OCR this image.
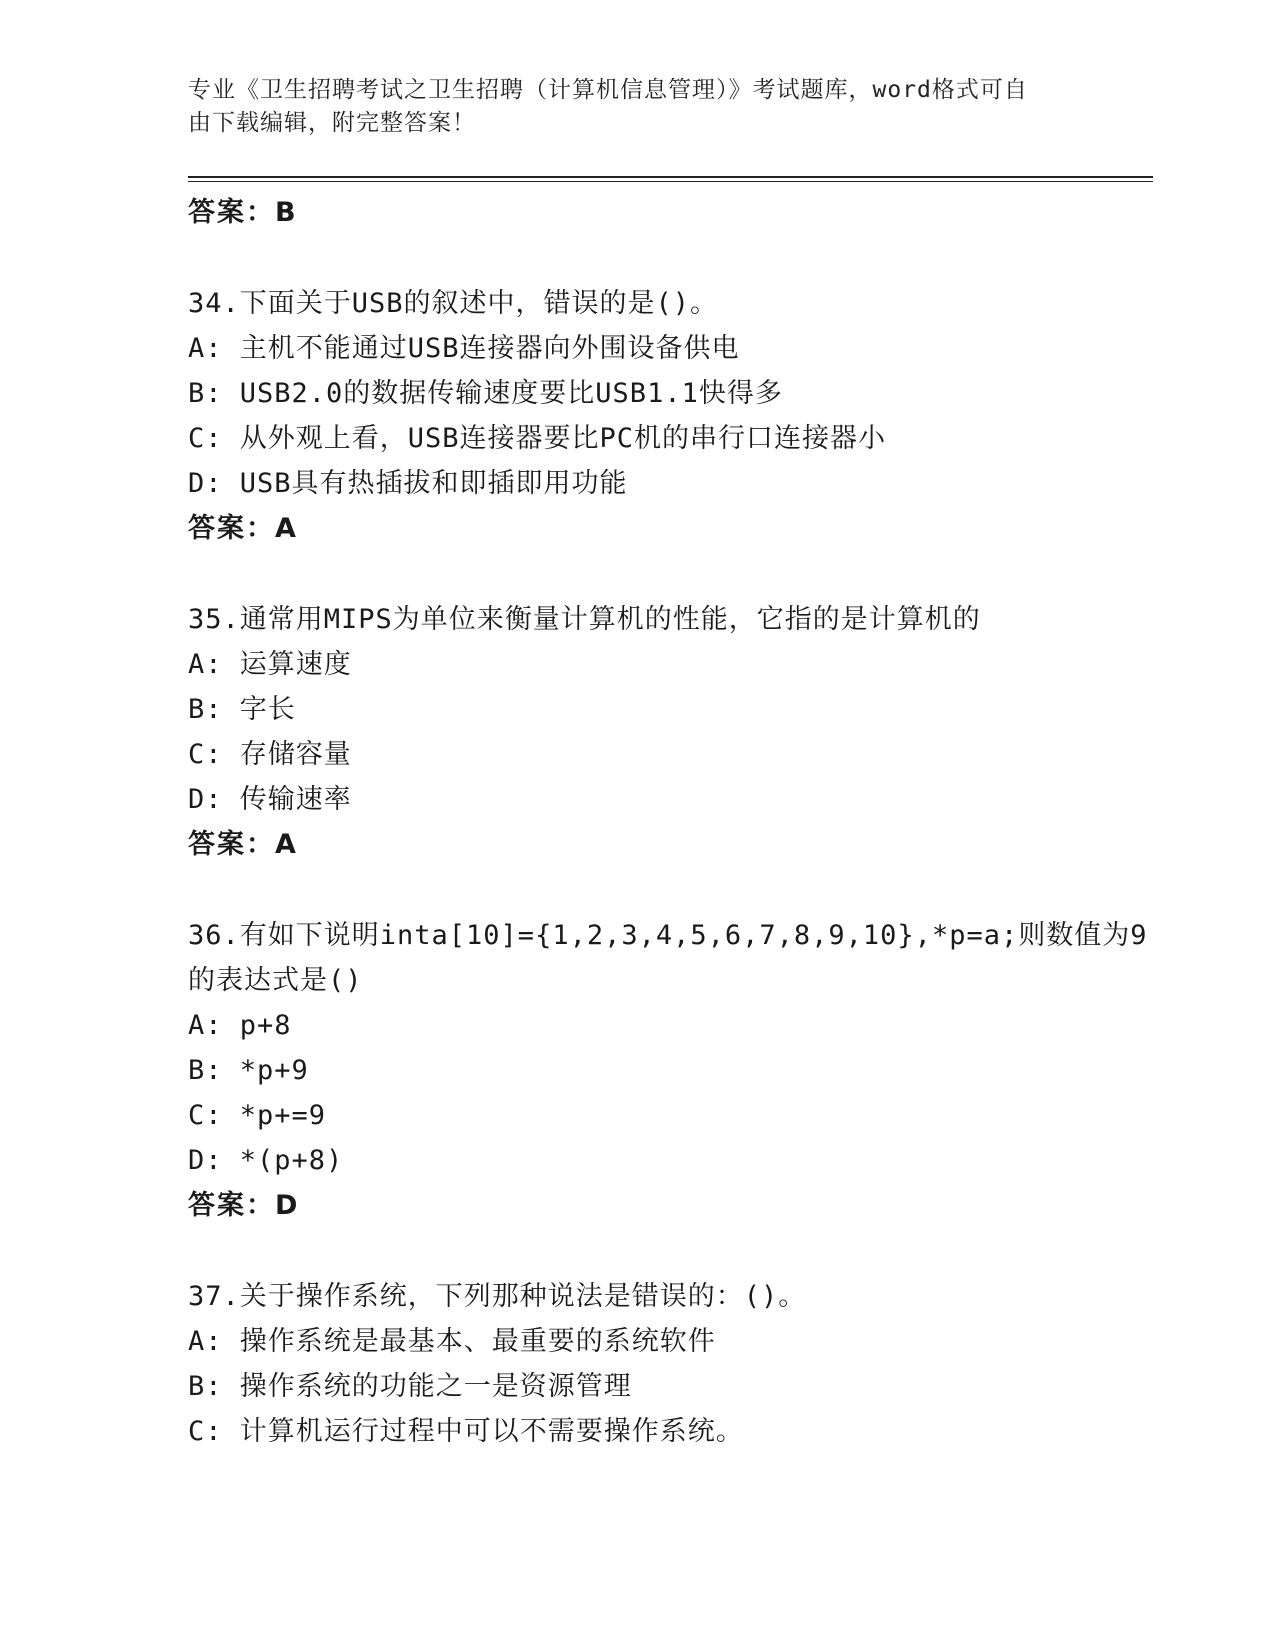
专业《卫生招聘考试之卫生招聘（计算机信息管理）》考试题库，word格式可自
由下载编辑，附完整答案！
答案：B
34.下面关于USB的叙述中，错误的是()。
A: 主机不能通过USB连接器向外围设备供电
B: USB2.0的数据传输速度要比USB1.1快得多
C: 从外观上看，USB连接器要比PC机的串行口连接器小
D: USB具有热插拔和即插即用功能
答案：A
35.通常用MIPS为单位来衡量计算机的性能，它指的是计算机的
A: 运算速度
B: 字长
C: 存储容量
D: 传输速率
答案：A
36.有如下说明inta[10]={1,2,3,4,5,6,7,8,9,10},*p=a;则数值为9
的表达式是()
A: p+8
B: *p+9
C: *p+=9
D: *(p+8)
答案：D
37.关于操作系统，下列那种说法是错误的：()。
A: 操作系统是最基本、最重要的系统软件
B: 操作系统的功能之一是资源管理
C: 计算机运行过程中可以不需要操作系统。
